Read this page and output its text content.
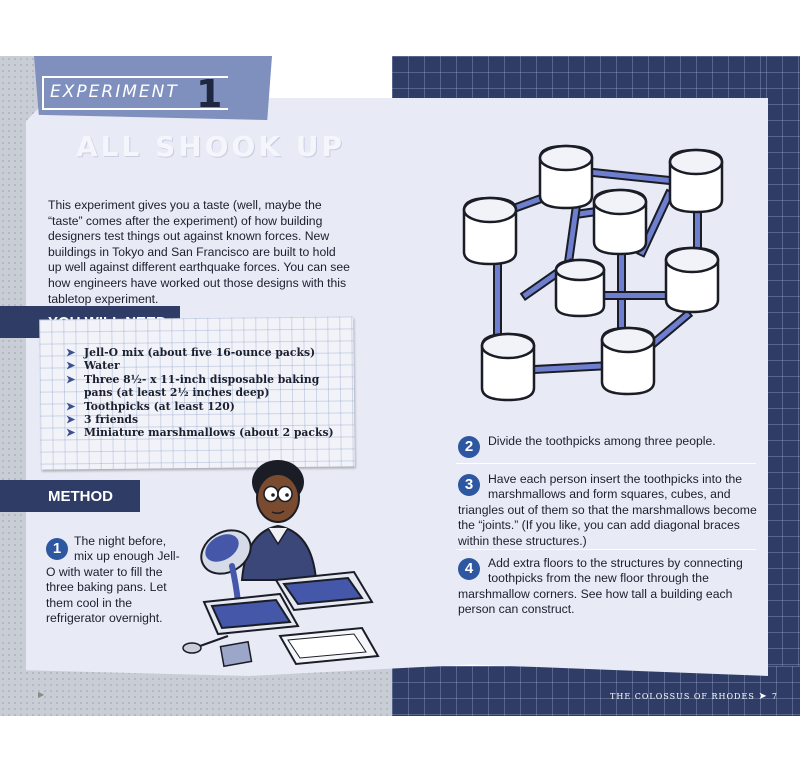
EXPERIMENT 1
ALL SHOOK UP

This experiment gives you a taste (well, maybe the “taste” comes after the experiment) of how building designers test things out against known forces. New buildings in Tokyo and San Francisco are built to hold up well against different earthquake forces. You can see how engineers have worked out those designs with this tabletop experiment.

➤ Jell-O mix (about five 16-ounce packs)
➤ Water
➤ Three 8½- x 11-inch disposable baking pans (at least 2½ inches deep)
➤ Toothpicks (at least 120)
➤ 3 friends
➤ Miniature marshmallows (about 2 packs)
METHOD
1	The night before, mix up enough Jell-O with water to fill the three baking pans. Let them cool in the refrigerator overnight.
2	Divide the toothpicks among three people.
3	Have each person insert the toothpicks into the marshmallows and form squares, cubes, and triangles out of them so that the marshmallows become the “joints.” (If you like, you can add diagonal braces within these structures.)
4	Add extra floors to the structures by connecting toothpicks from the new floor through the marshmallow corners. See how tall a building each person can construct.
▶	THE COLOSSUS OF RHODES ➤ 7
